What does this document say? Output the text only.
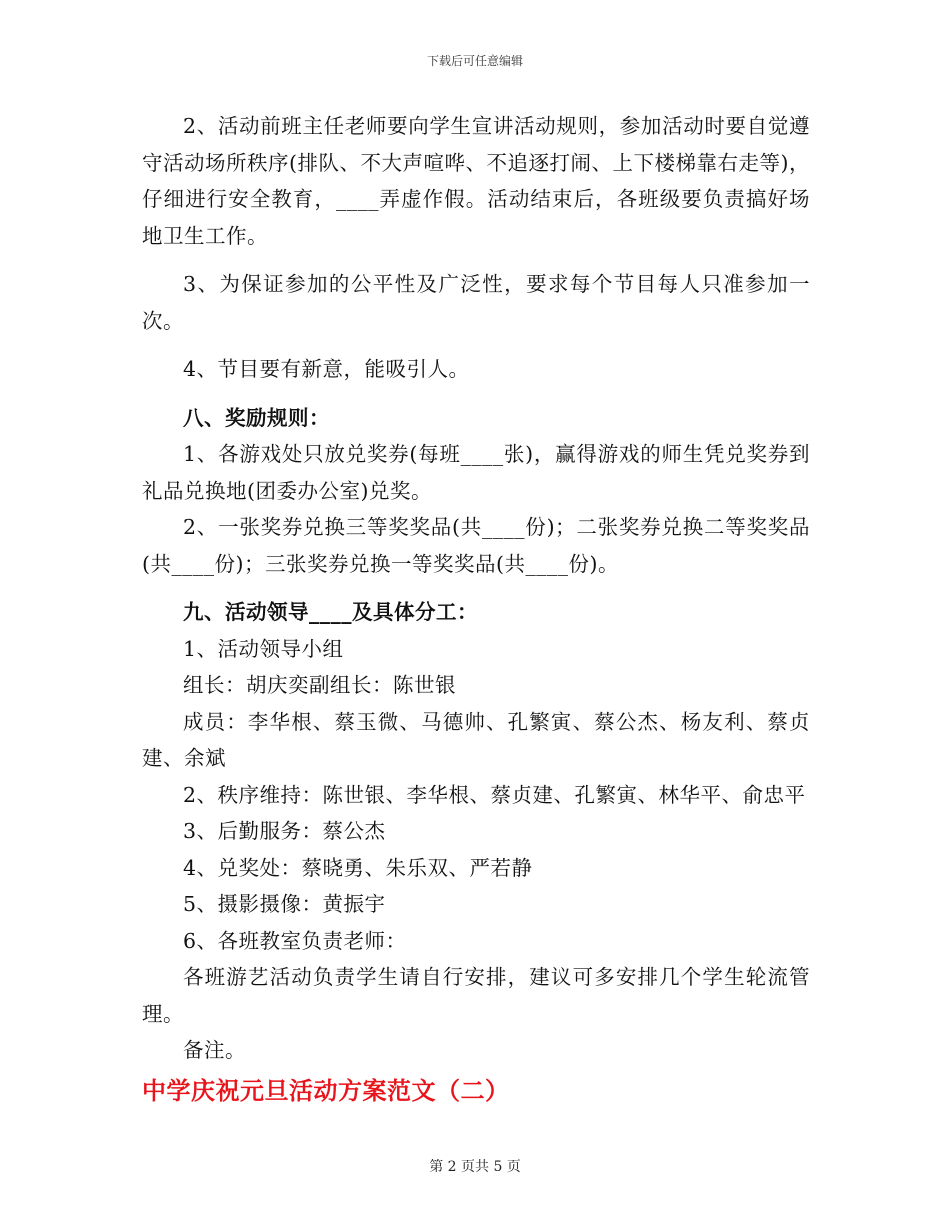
下载后可任意编辑

2、活动前班主任老师要向学生宣讲活动规则，参加活动时要自觉遵守活动场所秩序(排队、不大声喧哗、不追逐打闹、上下楼梯靠右走等)，仔细进行安全教育，____弄虚作假。活动结束后，各班级要负责搞好场地卫生工作。

3、为保证参加的公平性及广泛性，要求每个节目每人只准参加一次。

4、节目要有新意，能吸引人。

八、奖励规则：

1、各游戏处只放兑奖券(每班____张)，赢得游戏的师生凭兑奖券到礼品兑换地(团委办公室)兑奖。

2、一张奖券兑换三等奖奖品(共____份)；二张奖券兑换二等奖奖品(共____份)；三张奖券兑换一等奖奖品(共____份)。

九、活动领导____及具体分工：

1、活动领导小组

组长：胡庆奕副组长：陈世银

成员：李华根、蔡玉微、马德帅、孔繁寅、蔡公杰、杨友利、蔡贞建、余斌

2、秩序维持：陈世银、李华根、蔡贞建、孔繁寅、林华平、俞忠平

3、后勤服务：蔡公杰

4、兑奖处：蔡晓勇、朱乐双、严若静

5、摄影摄像：黄振宇

6、各班教室负责老师：

各班游艺活动负责学生请自行安排，建议可多安排几个学生轮流管理。

备注。

中学庆祝元旦活动方案范文（二）

第 2 页共 5 页
